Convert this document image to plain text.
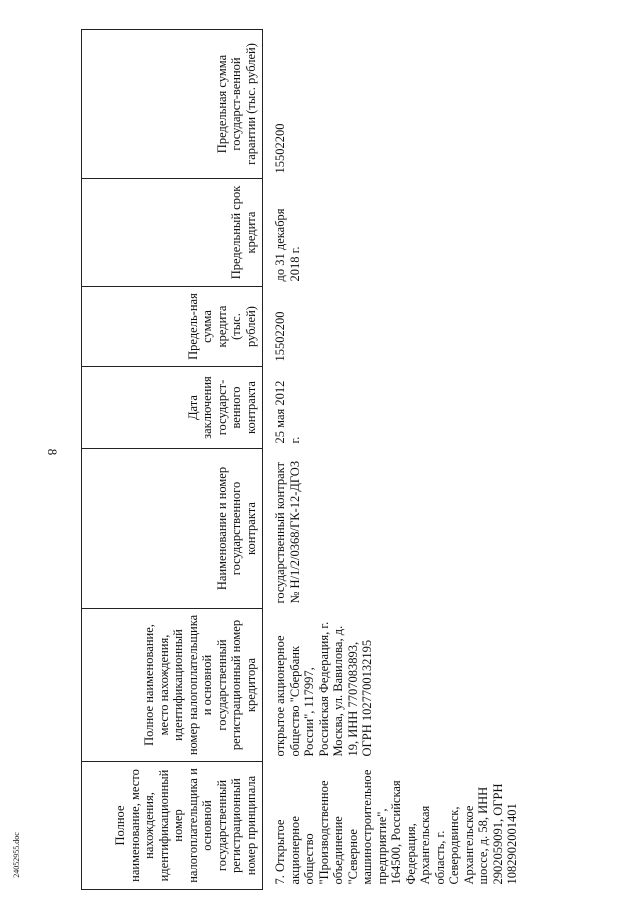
8
Полное наименование, место нахождения, идентификационный номер налогоплательщика и основной государственный регистрационный номер принципала	Полное наименование, место нахождения, идентификационный номер налогоплательщика и основной государственный регистрационный номер кредитора	Наименование и номер государственного контракта	Дата заключения государст-венного контракта	Предель-ная сумма кредита (тыс. рублей)	Предельный срок кредита	Предельная сумма государст-венной гарантии (тыс. рублей)
7. Открытое акционерное общество "Производственное объединение "Северное машиностроительное предприятие", 164500, Российская Федерация, Архангельская область, г. Северодвинск, Архангельское шоссе, д. 58, ИНН 2902059091, ОГРН 1082902001401	открытое акционерное общество "Сбербанк России", 117997, Российская Федерация, г. Москва, ул. Вавилова, д. 19, ИНН 7707083893, ОГРН 1027700132195	государственный контракт № Н/1/2/0368/ГК-12-ДГОЗ	25 мая 2012 г.	15502200	до 31 декабря 2018 г.	15502200
24052955.doc
